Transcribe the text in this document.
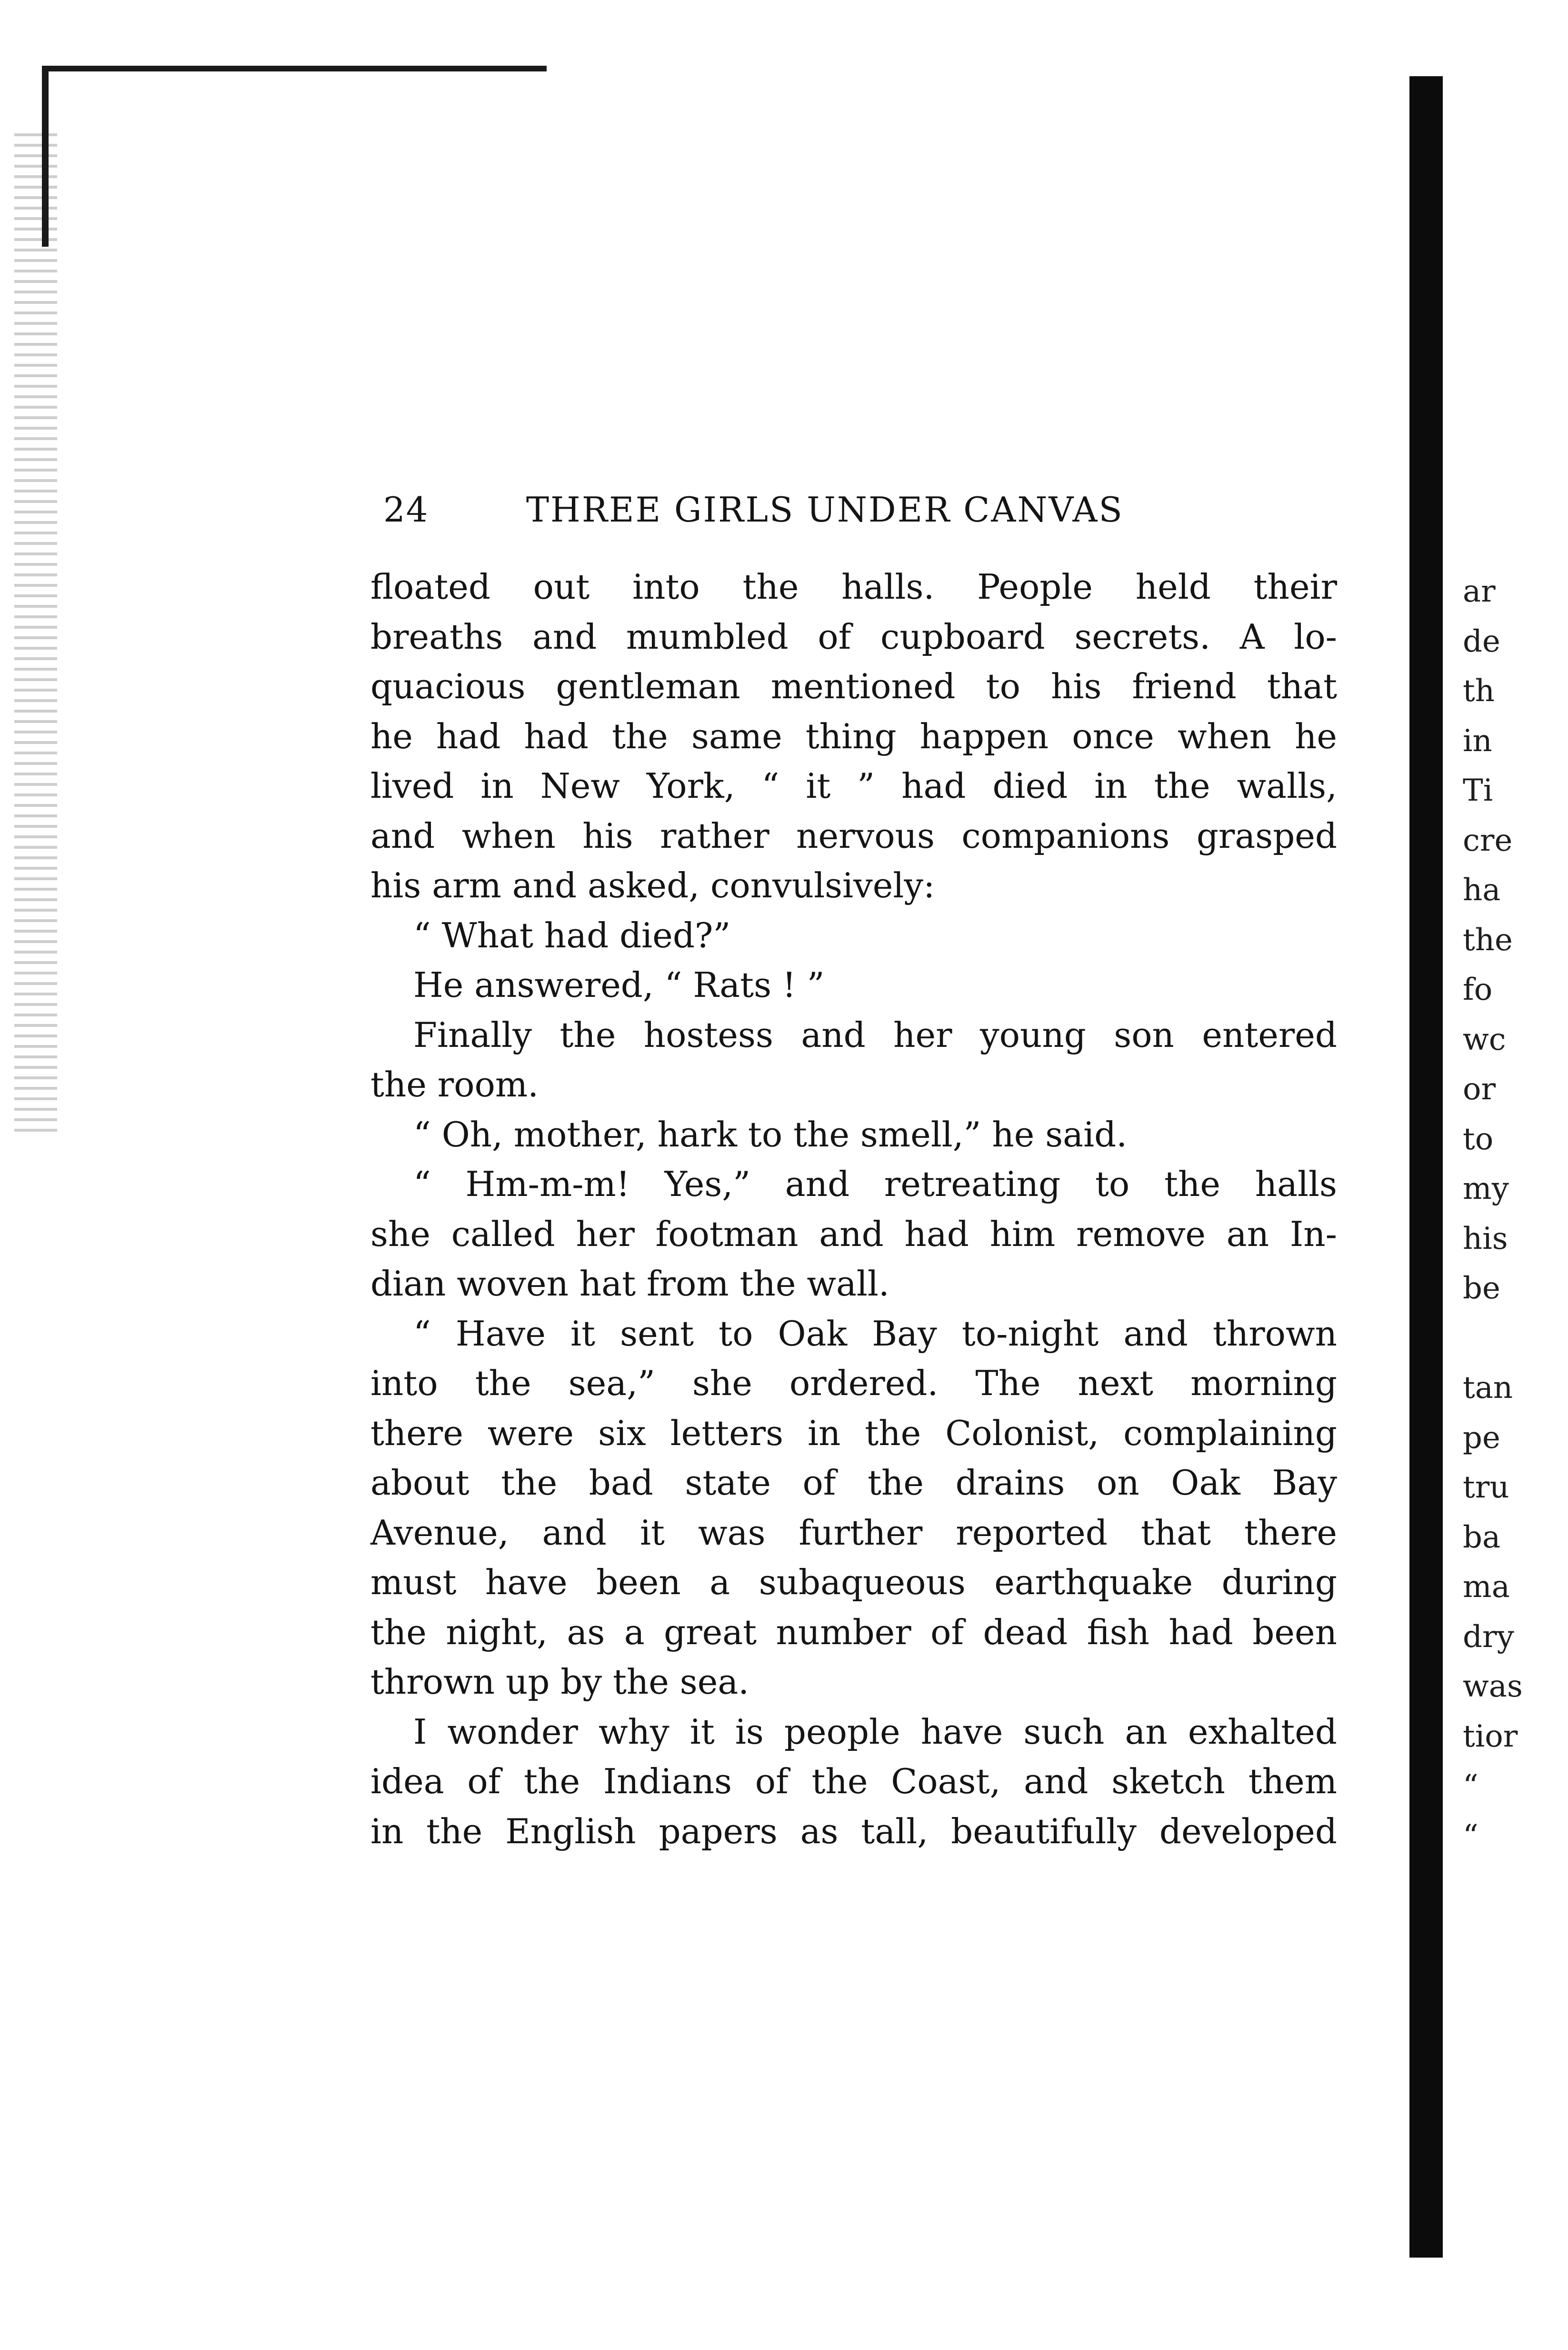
24	THREE GIRLS UNDER CANVAS
floated out into the halls. People held their
breaths and mumbled of cupboard secrets. A lo-
quacious gentleman mentioned to his friend that
he had had the same thing happen once when he
lived in New York, “ it ” had died in the walls,
and when his rather nervous companions grasped
his arm and asked, convulsively:
“ What had died?”
He answered, “ Rats ! ”
Finally the hostess and her young son entered
the room.
“ Oh, mother, hark to the smell,” he said.
“ Hm-m-m! Yes,” and retreating to the halls
she called her footman and had him remove an In-
dian woven hat from the wall.
“ Have it sent to Oak Bay to-night and thrown
into the sea,” she ordered. The next morning
there were six letters in the Colonist, complaining
about the bad state of the drains on Oak Bay
Avenue, and it was further reported that there
must have been a subaqueous earthquake during
the night, as a great number of dead fish had been
thrown up by the sea.
I wonder why it is people have such an exhalted
idea of the Indians of the Coast, and sketch them
in the English papers as tall, beautifully developed
ar
de
th
in
Ti
cre
ha
the
fo
wc
or
to
my
his
be
tan
pe
tru
ba
ma
dry
was
tior
“
“
